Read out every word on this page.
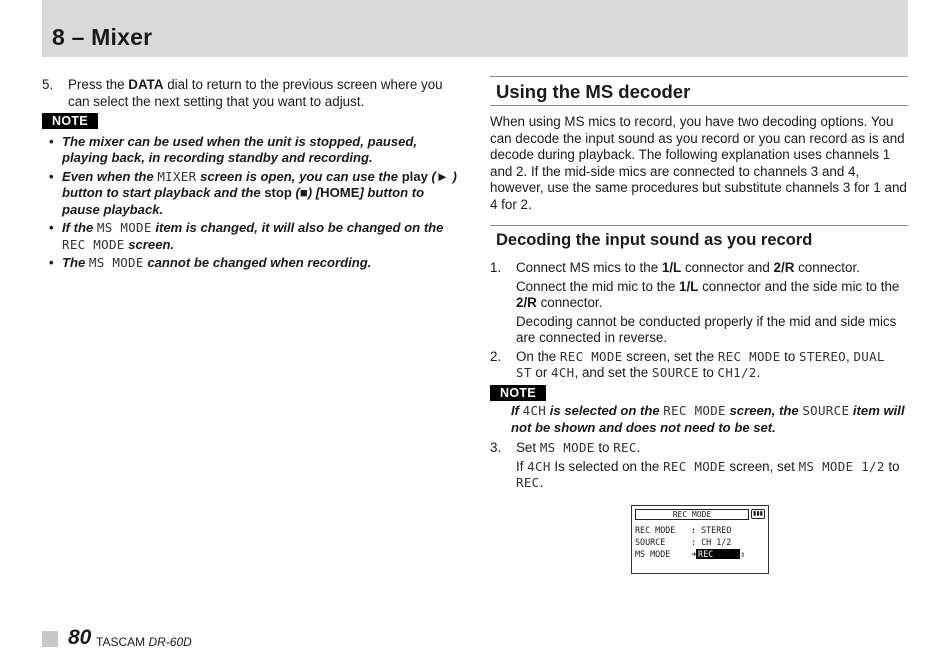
8 – Mixer
5. Press the DATA dial to return to the previous screen where you can select the next setting that you want to adjust.
NOTE
• The mixer can be used when the unit is stopped, paused, playing back, in recording standby and recording.
• Even when the MIXER screen is open, you can use the play (► ) button to start playback and the stop (■) [HOME] button to pause playback.
• If the MS MODE item is changed, it will also be changed on the REC MODE screen.
• The MS MODE cannot be changed when recording.
Using the MS decoder

When using MS mics to record, you have two decoding options. You can decode the input sound as you record or you can record as is and decode during playback. The following explanation uses channels 1 and 2. If the mid-side mics are connected to channels 3 and 4, however, use the same procedures but substitute channels 3 for 1 and 4 for 2.

Decoding the input sound as you record
1. Connect MS mics to the 1/L connector and 2/R connector.
Connect the mid mic to the 1/L connector and the side mic to the 2/R connector.
Decoding cannot be conducted properly if the mid and side mics are connected in reverse.
2. On the REC MODE screen, set the REC MODE to STEREO, DUAL ST or 4CH, and set the SOURCE to CH1/2.
NOTE
If 4CH is selected on the REC MODE screen, the SOURCE item will not be shown and does not need to be set.
3. Set MS MODE to REC.
If 4CH Is selected on the REC MODE screen, set MS MODE 1/2 to REC.
REC MODE	▮▮▮
REC MODE : STEREO
SOURCE	: CH 1/2
MS MODE ➜ REC	⇕
80 TASCAM DR-60D
